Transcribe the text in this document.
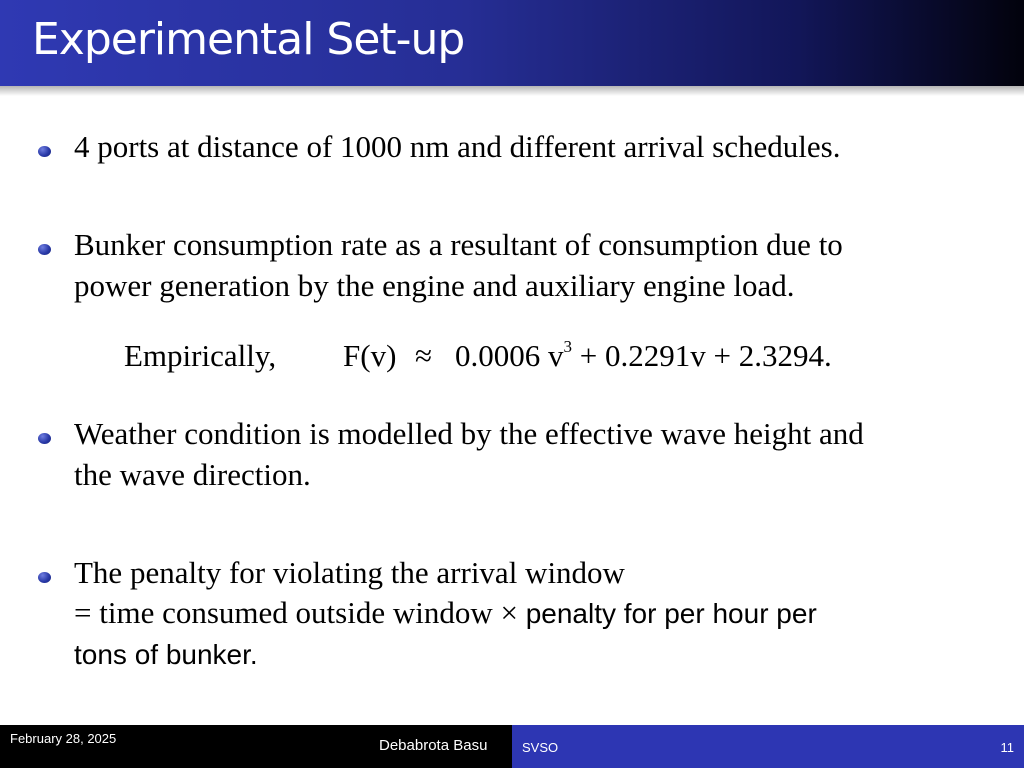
Experimental Set-up
4 ports at distance of 1000 nm and different arrival schedules.
Bunker consumption rate as a resultant of consumption due to
power generation by the engine and auxiliary engine load.
Empirically, F(v) ≈ 0.0006 $v^3 + 0.2291v + 2.3294$.
Weather condition is modelled by the effective wave height and
the wave direction.
The penalty for violating the arrival window
= time consumed outside window × penalty for per hour per
tons of bunker.
February 28, 2025	Debabrota Basu	SVSO	11
